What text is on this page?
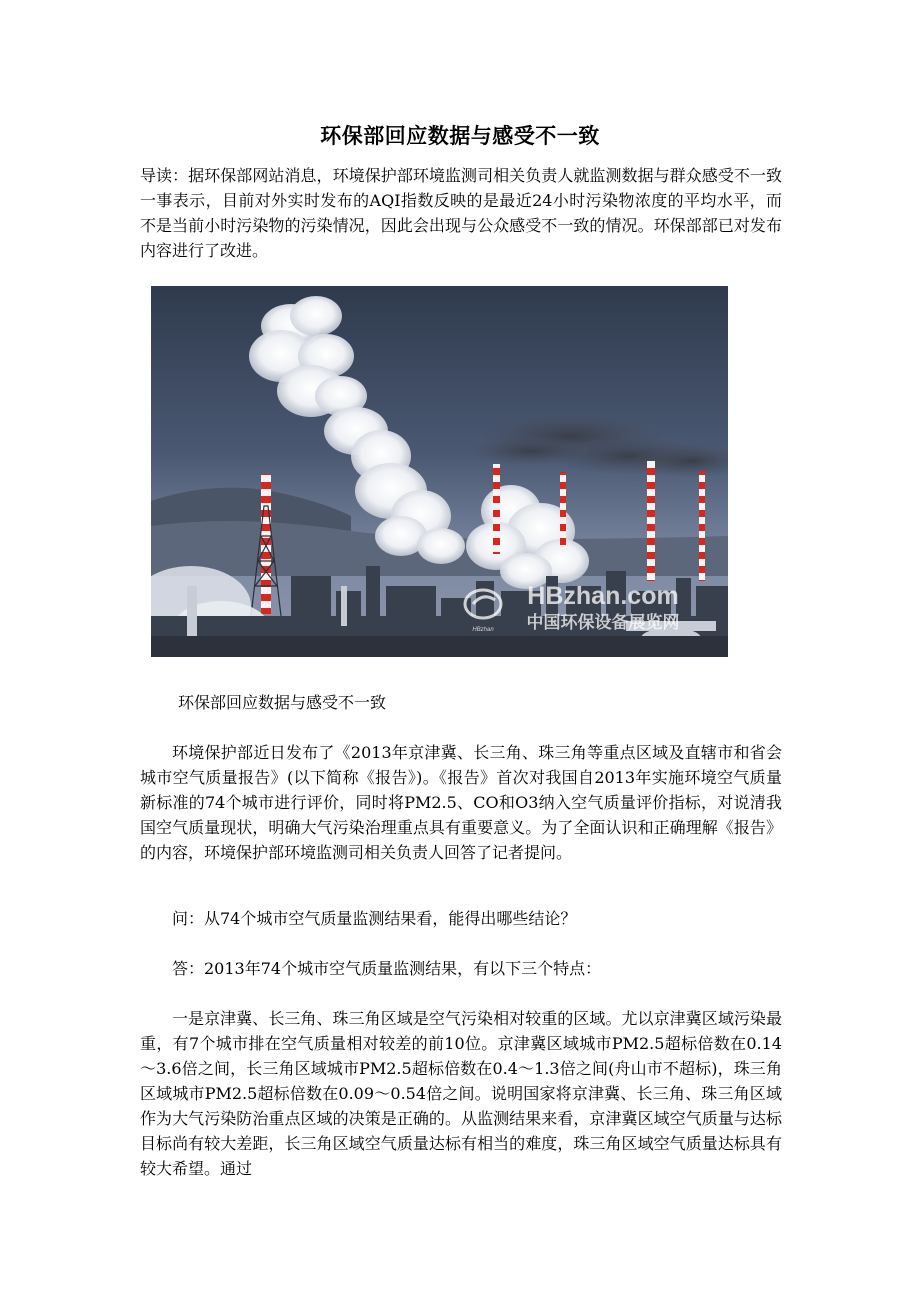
环保部回应数据与感受不一致

导读：据环保部网站消息，环境保护部环境监测司相关负责人就监测数据与群众感受不一致一事表示，目前对外实时发布的AQI指数反映的是最近24小时污染物浓度的平均水平，而不是当前小时污染物的污染情况，因此会出现与公众感受不一致的情况。环保部部已对发布内容进行了改进。

HBzhan
HBzhan.com
中国环保设备展览网

环保部回应数据与感受不一致

环境保护部近日发布了《2013年京津冀、长三角、珠三角等重点区域及直辖市和省会城市空气质量报告》(以下简称《报告》)。《报告》首次对我国自2013年实施环境空气质量新标准的74个城市进行评价，同时将PM2.5、CO和O3纳入空气质量评价指标，对说清我国空气质量现状，明确大气污染治理重点具有重要意义。为了全面认识和正确理解《报告》的内容，环境保护部环境监测司相关负责人回答了记者提问。

问：从74个城市空气质量监测结果看，能得出哪些结论？

答：2013年74个城市空气质量监测结果，有以下三个特点：

一是京津冀、长三角、珠三角区域是空气污染相对较重的区域。尤以京津冀区域污染最重，有7个城市排在空气质量相对较差的前10位。京津冀区域城市PM2.5超标倍数在0.14～3.6倍之间，长三角区域城市PM2.5超标倍数在0.4～1.3倍之间(舟山市不超标)，珠三角区域城市PM2.5超标倍数在0.09～0.54倍之间。说明国家将京津冀、长三角、珠三角区域作为大气污染防治重点区域的决策是正确的。从监测结果来看，京津冀区域空气质量与达标目标尚有较大差距，长三角区域空气质量达标有相当的难度，珠三角区域空气质量达标具有较大希望。通过
